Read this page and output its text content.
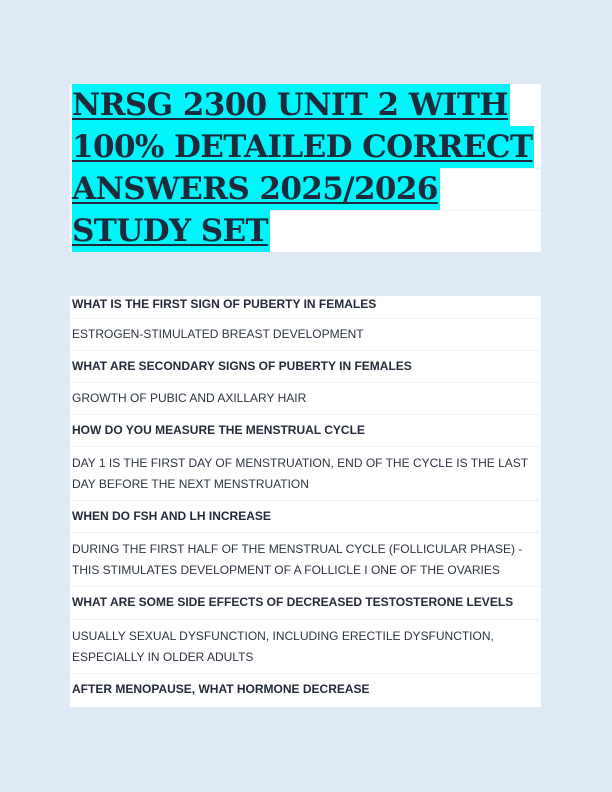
NRSG 2300 UNIT 2 WITH
100% DETAILED CORRECT
ANSWERS 2025/2026
STUDY SET
WHAT IS THE FIRST SIGN OF PUBERTY IN FEMALES
ESTROGEN-STIMULATED BREAST DEVELOPMENT
WHAT ARE SECONDARY SIGNS OF PUBERTY IN FEMALES
GROWTH OF PUBIC AND AXILLARY HAIR
HOW DO YOU MEASURE THE MENSTRUAL CYCLE
DAY 1 IS THE FIRST DAY OF MENSTRUATION, END OF THE CYCLE IS THE LAST DAY BEFORE THE NEXT MENSTRUATION
WHEN DO FSH AND LH INCREASE
DURING THE FIRST HALF OF THE MENSTRUAL CYCLE (FOLLICULAR PHASE) -THIS STIMULATES DEVELOPMENT OF A FOLLICLE I ONE OF THE OVARIES
WHAT ARE SOME SIDE EFFECTS OF DECREASED TESTOSTERONE LEVELS
USUALLY SEXUAL DYSFUNCTION, INCLUDING ERECTILE DYSFUNCTION, ESPECIALLY IN OLDER ADULTS
AFTER MENOPAUSE, WHAT HORMONE DECREASE
